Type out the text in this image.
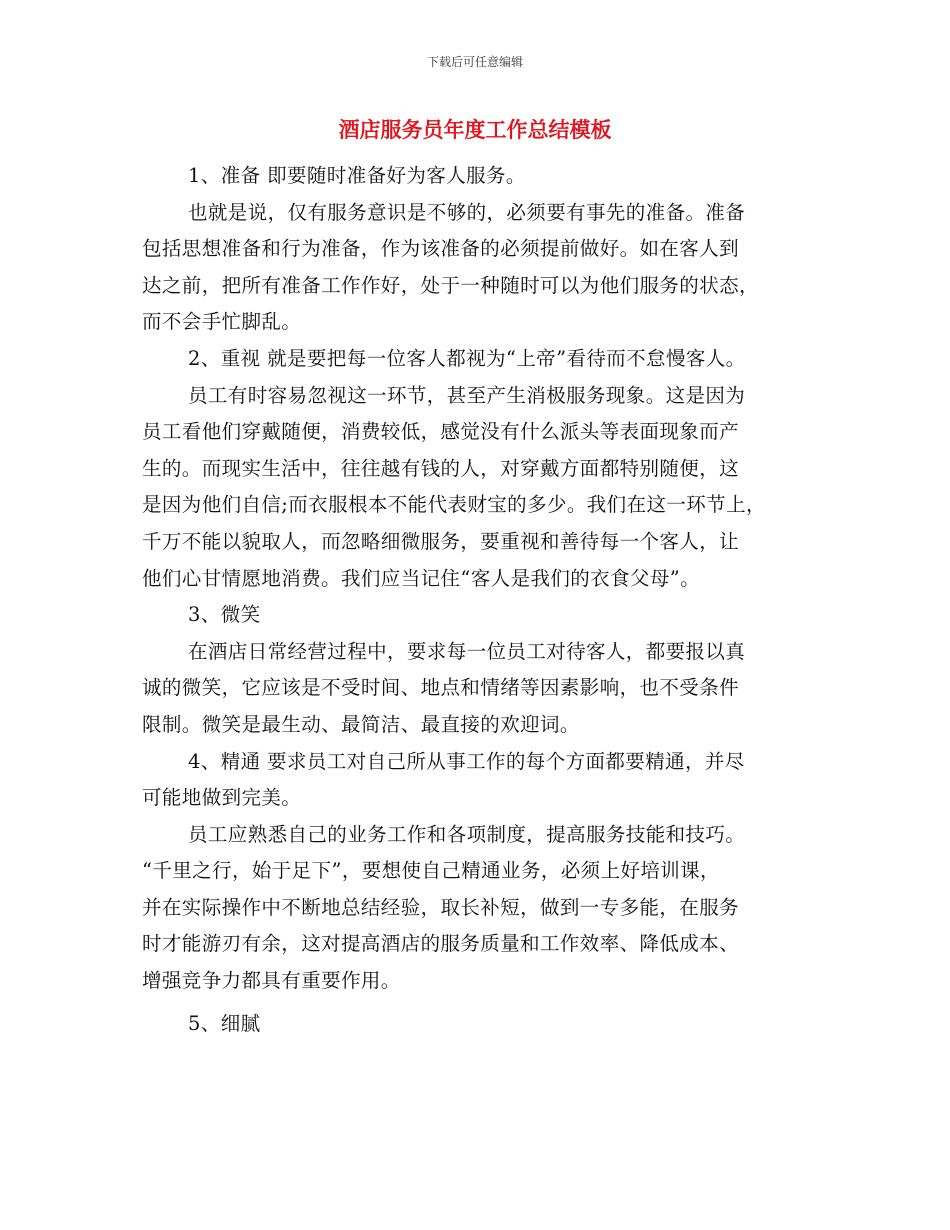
下载后可任意编辑
酒店服务员年度工作总结模板
1、准备 即要随时准备好为客人服务。
也就是说，仅有服务意识是不够的，必须要有事先的准备。准备
包括思想准备和行为准备，作为该准备的必须提前做好。如在客人到
达之前，把所有准备工作作好，处于一种随时可以为他们服务的状态，
而不会手忙脚乱。
2、重视 就是要把每一位客人都视为“上帝”看待而不怠慢客人。
员工有时容易忽视这一环节，甚至产生消极服务现象。这是因为
员工看他们穿戴随便，消费较低，感觉没有什么派头等表面现象而产
生的。而现实生活中，往往越有钱的人，对穿戴方面都特别随便，这
是因为他们自信;而衣服根本不能代表财宝的多少。我们在这一环节上，
千万不能以貌取人，而忽略细微服务，要重视和善待每一个客人，让
他们心甘情愿地消费。我们应当记住“客人是我们的衣食父母”。
3、微笑
在酒店日常经营过程中，要求每一位员工对待客人，都要报以真
诚的微笑，它应该是不受时间、地点和情绪等因素影响，也不受条件
限制。微笑是最生动、最简洁、最直接的欢迎词。
4、精通 要求员工对自己所从事工作的每个方面都要精通，并尽
可能地做到完美。
员工应熟悉自己的业务工作和各项制度，提高服务技能和技巧。
“千里之行，始于足下”，要想使自己精通业务，必须上好培训课，
并在实际操作中不断地总结经验，取长补短，做到一专多能，在服务
时才能游刃有余，这对提高酒店的服务质量和工作效率、降低成本、
增强竞争力都具有重要作用。
5、细腻
